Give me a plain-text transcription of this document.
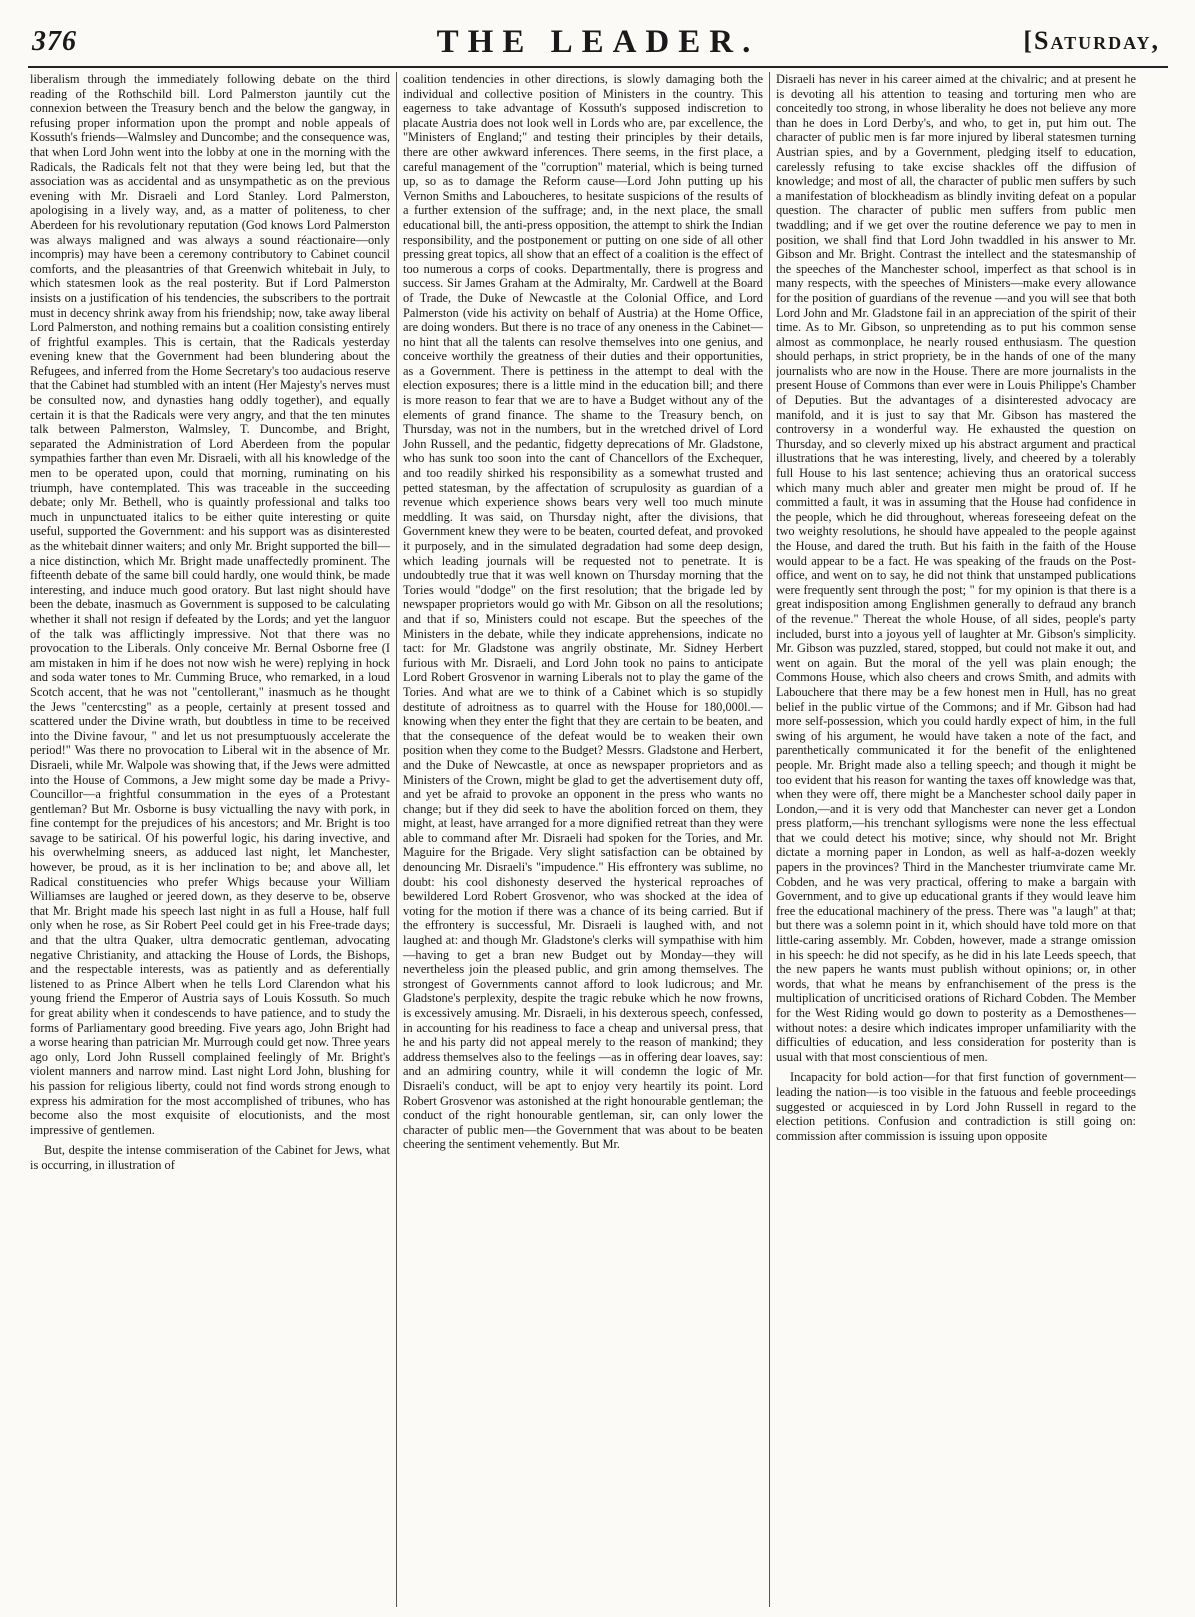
376	THE LEADER.	[Saturday,

liberalism through the immediately following debate on the third reading of the Rothschild bill. Lord Palmerston jauntily cut the connexion between the Treasury bench and the below the gangway, in refusing proper information upon the prompt and noble appeals of Kossuth's friends—Walmsley and Duncombe; and the consequence was, that when Lord John went into the lobby at one in the morning with the Radicals, the Radicals felt not that they were being led, but that the association was as accidental and as unsympathetic as on the previous evening with Mr. Disraeli and Lord Stanley. Lord Palmerston, apologising in a lively way, and, as a matter of politeness, to cher Aberdeen for his revolutionary reputation (God knows Lord Palmerston was always maligned and was always a sound réactionaire—only incompris) may have been a ceremony contributory to Cabinet council comforts, and the pleasantries of that Greenwich whitebait in July, to which statesmen look as the real posterity. But if Lord Palmerston insists on a justification of his tendencies, the subscribers to the portrait must in decency shrink away from his friendship; now, take away liberal Lord Palmerston, and nothing remains but a coalition consisting entirely of frightful examples. This is certain, that the Radicals yesterday evening knew that the Government had been blundering about the Refugees, and inferred from the Home Secretary's too audacious reserve that the Cabinet had stumbled with an intent (Her Majesty's nerves must be consulted now, and dynasties hang oddly together), and equally certain it is that the Radicals were very angry, and that the ten minutes talk between Palmerston, Walmsley, T. Duncombe, and Bright, separated the Administration of Lord Aberdeen from the popular sympathies farther than even Mr. Disraeli, with all his knowledge of the men to be operated upon, could that morning, ruminating on his triumph, have contemplated. This was traceable in the succeeding debate; only Mr. Bethell, who is quaintly professional and talks too much in unpunctuated italics to be either quite interesting or quite useful, supported the Government: and his support was as disinterested as the whitebait dinner waiters; and only Mr. Bright supported the bill—a nice distinction, which Mr. Bright made unaffectedly prominent. The fifteenth debate of the same bill could hardly, one would think, be made interesting, and induce much good oratory. But last night should have been the debate, inasmuch as Government is supposed to be calculating whether it shall not resign if defeated by the Lords; and yet the languor of the talk was afflictingly impressive. Not that there was no provocation to the Liberals. Only conceive Mr. Bernal Osborne free (I am mistaken in him if he does not now wish he were) replying in hock and soda water tones to Mr. Cumming Bruce, who remarked, in a loud Scotch accent, that he was not "centollerant," inasmuch as he thought the Jews "centercsting" as a people, certainly at present tossed and scattered under the Divine wrath, but doubtless in time to be received into the Divine favour, " and let us not presumptuously accelerate the period!" Was there no provocation to Liberal wit in the absence of Mr. Disraeli, while Mr. Walpole was showing that, if the Jews were admitted into the House of Commons, a Jew might some day be made a Privy-Councillor—a frightful consummation in the eyes of a Protestant gentleman? But Mr. Osborne is busy victualling the navy with pork, in fine contempt for the prejudices of his ancestors; and Mr. Bright is too savage to be satirical. Of his powerful logic, his daring invective, and his overwhelming sneers, as adduced last night, let Manchester, however, be proud, as it is her inclination to be; and above all, let Radical constituencies who prefer Whigs because your William Williamses are laughed or jeered down, as they deserve to be, observe that Mr. Bright made his speech last night in as full a House, half full only when he rose, as Sir Robert Peel could get in his Free-trade days; and that the ultra Quaker, ultra democratic gentleman, advocating negative Christianity, and attacking the House of Lords, the Bishops, and the respectable interests, was as patiently and as deferentially listened to as Prince Albert when he tells Lord Clarendon what his young friend the Emperor of Austria says of Louis Kossuth. So much for great ability when it condescends to have patience, and to study the forms of Parliamentary good breeding. Five years ago, John Bright had a worse hearing than patrician Mr. Murrough could get now. Three years ago only, Lord John Russell complained feelingly of Mr. Bright's violent manners and narrow mind. Last night Lord John, blushing for his passion for religious liberty, could not find words strong enough to express his admiration for the most accomplished of tribunes, who has become also the most exquisite of elocutionists, and the most impressive of gentlemen.

But, despite the intense commiseration of the Cabinet for Jews, what is occurring, in illustration of

coalition tendencies in other directions, is slowly damaging both the individual and collective position of Ministers in the country. This eagerness to take advantage of Kossuth's supposed indiscretion to placate Austria does not look well in Lords who are, par excellence, the "Ministers of England;" and testing their principles by their details, there are other awkward inferences. There seems, in the first place, a careful management of the "corruption" material, which is being turned up, so as to damage the Reform cause—Lord John putting up his Vernon Smiths and Laboucheres, to hesitate suspicions of the results of a further extension of the suffrage; and, in the next place, the small educational bill, the anti-press opposition, the attempt to shirk the Indian responsibility, and the postponement or putting on one side of all other pressing great topics, all show that an effect of a coalition is the effect of too numerous a corps of cooks. Departmentally, there is progress and success. Sir James Graham at the Admiralty, Mr. Cardwell at the Board of Trade, the Duke of Newcastle at the Colonial Office, and Lord Palmerston (vide his activity on behalf of Austria) at the Home Office, are doing wonders. But there is no trace of any oneness in the Cabinet—no hint that all the talents can resolve themselves into one genius, and conceive worthily the greatness of their duties and their opportunities, as a Government. There is pettiness in the attempt to deal with the election exposures; there is a little mind in the education bill; and there is more reason to fear that we are to have a Budget without any of the elements of grand finance. The shame to the Treasury bench, on Thursday, was not in the numbers, but in the wretched drivel of Lord John Russell, and the pedantic, fidgetty deprecations of Mr. Gladstone, who has sunk too soon into the cant of Chancellors of the Exchequer, and too readily shirked his responsibility as a somewhat trusted and petted statesman, by the affectation of scrupulosity as guardian of a revenue which experience shows bears very well too much minute meddling. It was said, on Thursday night, after the divisions, that Government knew they were to be beaten, courted defeat, and provoked it purposely, and in the simulated degradation had some deep design, which leading journals will be requested not to penetrate. It is undoubtedly true that it was well known on Thursday morning that the Tories would "dodge" on the first resolution; that the brigade led by newspaper proprietors would go with Mr. Gibson on all the resolutions; and that if so, Ministers could not escape. But the speeches of the Ministers in the debate, while they indicate apprehensions, indicate no tact: for Mr. Gladstone was angrily obstinate, Mr. Sidney Herbert furious with Mr. Disraeli, and Lord John took no pains to anticipate Lord Robert Grosvenor in warning Liberals not to play the game of the Tories. And what are we to think of a Cabinet which is so stupidly destitute of adroitness as to quarrel with the House for 180,000l.—knowing when they enter the fight that they are certain to be beaten, and that the consequence of the defeat would be to weaken their own position when they come to the Budget? Messrs. Gladstone and Herbert, and the Duke of Newcastle, at once as newspaper proprietors and as Ministers of the Crown, might be glad to get the advertisement duty off, and yet be afraid to provoke an opponent in the press who wants no change; but if they did seek to have the abolition forced on them, they might, at least, have arranged for a more dignified retreat than they were able to command after Mr. Disraeli had spoken for the Tories, and Mr. Maguire for the Brigade. Very slight satisfaction can be obtained by denouncing Mr. Disraeli's "impudence." His effrontery was sublime, no doubt: his cool dishonesty deserved the hysterical reproaches of bewildered Lord Robert Grosvenor, who was shocked at the idea of voting for the motion if there was a chance of its being carried. But if the effrontery is successful, Mr. Disraeli is laughed with, and not laughed at: and though Mr. Gladstone's clerks will sympathise with him—having to get a bran new Budget out by Monday—they will nevertheless join the pleased public, and grin among themselves. The strongest of Governments cannot afford to look ludicrous; and Mr. Gladstone's perplexity, despite the tragic rebuke which he now frowns, is excessively amusing. Mr. Disraeli, in his dexterous speech, confessed, in accounting for his readiness to face a cheap and universal press, that he and his party did not appeal merely to the reason of mankind; they address themselves also to the feelings —as in offering dear loaves, say: and an admiring country, while it will condemn the logic of Mr. Disraeli's conduct, will be apt to enjoy very heartily its point. Lord Robert Grosvenor was astonished at the right honourable gentleman; the conduct of the right honourable gentleman, sir, can only lower the character of public men—the Government that was about to be beaten cheering the sentiment vehemently. But Mr.

Disraeli has never in his career aimed at the chivalric; and at present he is devoting all his attention to teasing and torturing men who are conceitedly too strong, in whose liberality he does not believe any more than he does in Lord Derby's, and who, to get in, put him out. The character of public men is far more injured by liberal statesmen turning Austrian spies, and by a Government, pledging itself to education, carelessly refusing to take excise shackles off the diffusion of knowledge; and most of all, the character of public men suffers by such a manifestation of blockheadism as blindly inviting defeat on a popular question. The character of public men suffers from public men twaddling; and if we get over the routine deference we pay to men in position, we shall find that Lord John twaddled in his answer to Mr. Gibson and Mr. Bright. Contrast the intellect and the statesmanship of the speeches of the Manchester school, imperfect as that school is in many respects, with the speeches of Ministers—make every allowance for the position of guardians of the revenue —and you will see that both Lord John and Mr. Gladstone fail in an appreciation of the spirit of their time. As to Mr. Gibson, so unpretending as to put his common sense almost as commonplace, he nearly roused enthusiasm. The question should perhaps, in strict propriety, be in the hands of one of the many journalists who are now in the House. There are more journalists in the present House of Commons than ever were in Louis Philippe's Chamber of Deputies. But the advantages of a disinterested advocacy are manifold, and it is just to say that Mr. Gibson has mastered the controversy in a wonderful way. He exhausted the question on Thursday, and so cleverly mixed up his abstract argument and practical illustrations that he was interesting, lively, and cheered by a tolerably full House to his last sentence; achieving thus an oratorical success which many much abler and greater men might be proud of. If he committed a fault, it was in assuming that the House had confidence in the people, which he did throughout, whereas foreseeing defeat on the two weighty resolutions, he should have appealed to the people against the House, and dared the truth. But his faith in the faith of the House would appear to be a fact. He was speaking of the frauds on the Post-office, and went on to say, he did not think that unstamped publications were frequently sent through the post; " for my opinion is that there is a great indisposition among Englishmen generally to defraud any branch of the revenue." Thereat the whole House, of all sides, people's party included, burst into a joyous yell of laughter at Mr. Gibson's simplicity. Mr. Gibson was puzzled, stared, stopped, but could not make it out, and went on again. But the moral of the yell was plain enough; the Commons House, which also cheers and crows Smith, and admits with Labouchere that there may be a few honest men in Hull, has no great belief in the public virtue of the Commons; and if Mr. Gibson had had more self-possession, which you could hardly expect of him, in the full swing of his argument, he would have taken a note of the fact, and parenthetically communicated it for the benefit of the enlightened people. Mr. Bright made also a telling speech; and though it might be too evident that his reason for wanting the taxes off knowledge was that, when they were off, there might be a Manchester school daily paper in London,—and it is very odd that Manchester can never get a London press platform,—his trenchant syllogisms were none the less effectual that we could detect his motive; since, why should not Mr. Bright dictate a morning paper in London, as well as half-a-dozen weekly papers in the provinces? Third in the Manchester triumvirate came Mr. Cobden, and he was very practical, offering to make a bargain with Government, and to give up educational grants if they would leave him free the educational machinery of the press. There was "a laugh" at that; but there was a solemn point in it, which should have told more on that little-caring assembly. Mr. Cobden, however, made a strange omission in his speech: he did not specify, as he did in his late Leeds speech, that the new papers he wants must publish without opinions; or, in other words, that what he means by enfranchisement of the press is the multiplication of uncriticised orations of Richard Cobden. The Member for the West Riding would go down to posterity as a Demosthenes—without notes: a desire which indicates improper unfamiliarity with the difficulties of education, and less consideration for posterity than is usual with that most conscientious of men.

Incapacity for bold action—for that first function of government—leading the nation—is too visible in the fatuous and feeble proceedings suggested or acquiesced in by Lord John Russell in regard to the election petitions. Confusion and contradiction is still going on: commission after commission is issuing upon opposite
